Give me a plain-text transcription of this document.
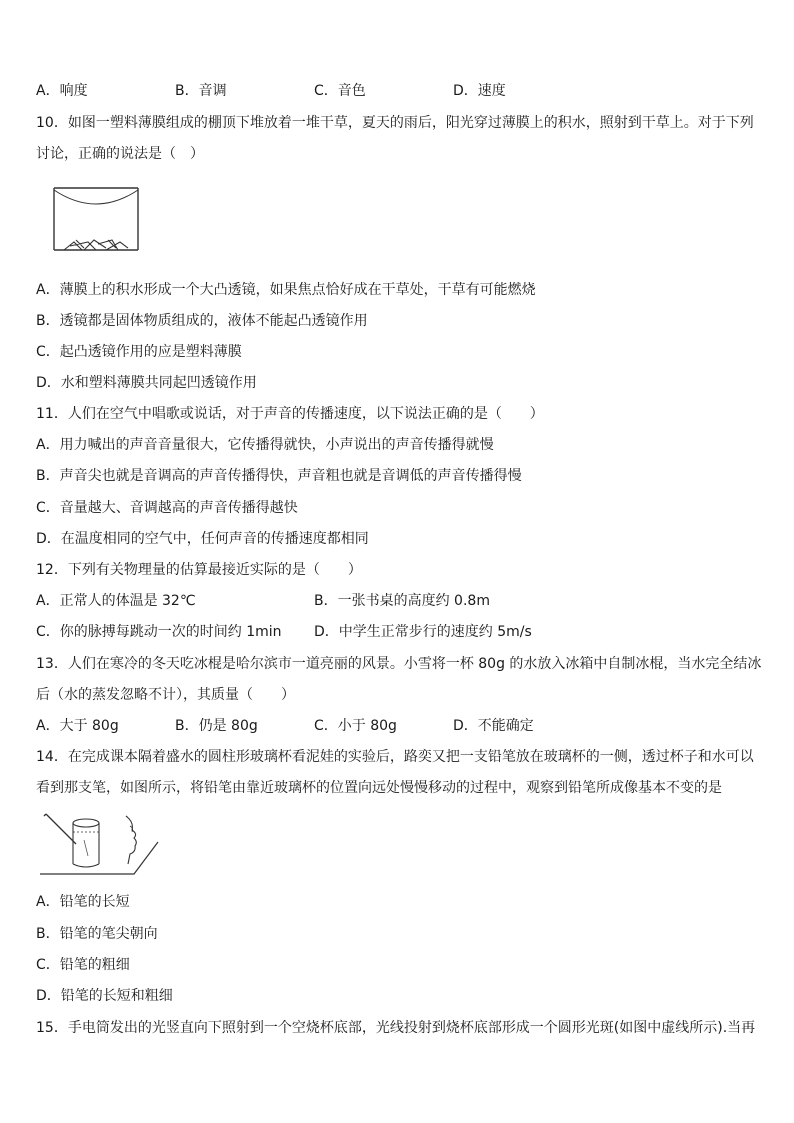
A．响度	B．音调	C．音色	D．速度
10．如图一塑料薄膜组成的棚顶下堆放着一堆干草，夏天的雨后，阳光穿过薄膜上的积水，照射到干草上。对于下列
讨论，正确的说法是（　）
A．薄膜上的积水形成一个大凸透镜，如果焦点恰好成在干草处，干草有可能燃烧
B．透镜都是固体物质组成的，液体不能起凸透镜作用
C．起凸透镜作用的应是塑料薄膜
D．水和塑料薄膜共同起凹透镜作用
11．人们在空气中唱歌或说话，对于声音的传播速度，以下说法正确的是（　　）
A．用力喊出的声音音量很大，它传播得就快，小声说出的声音传播得就慢
B．声音尖也就是音调高的声音传播得快，声音粗也就是音调低的声音传播得慢
C．音量越大、音调越高的声音传播得越快
D．在温度相同的空气中，任何声音的传播速度都相同
12．下列有关物理量的估算最接近实际的是（　　）
A．正常人的体温是 32℃	B．一张书桌的高度约 0.8m
C．你的脉搏每跳动一次的时间约 1min D．中学生正常步行的速度约 5m/s
13．人们在寒冷的冬天吃冰棍是哈尔滨市一道亮丽的风景。小雪将一杯 80g 的水放入冰箱中自制冰棍，当水完全结冰
后（水的蒸发忽略不计），其质量（　　）
A．大于 80g	B．仍是 80g	C．小于 80g	D．不能确定
14．在完成课本隔着盛水的圆柱形玻璃杯看泥娃的实验后，路奕又把一支铅笔放在玻璃杯的一侧，透过杯子和水可以
看到那支笔，如图所示，将铅笔由靠近玻璃杯的位置向远处慢慢移动的过程中，观察到铅笔所成像基本不变的是
A．铅笔的长短
B．铅笔的笔尖朝向
C．铅笔的粗细
D．铅笔的长短和粗细
15．手电筒发出的光竖直向下照射到一个空烧杯底部，光线投射到烧杯底部形成一个圆形光斑(如图中虚线所示).当再
